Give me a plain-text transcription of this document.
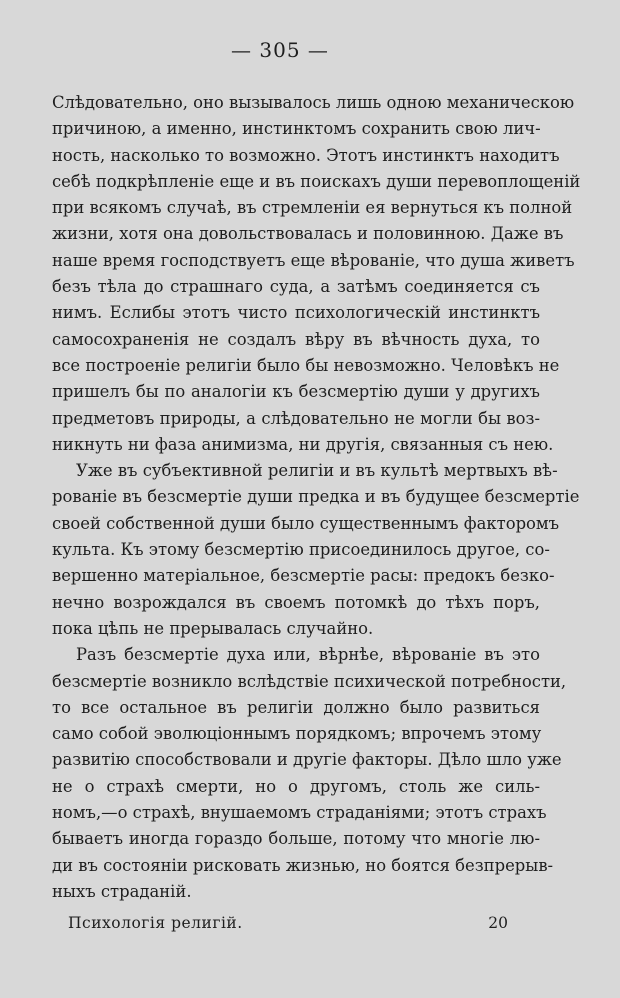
— 305 —
Слѣдовательно, оно вызывалось лишь одною механическою
причиною, а именно, инстинктомъ сохранить свою лич-
ность, насколько то возможно. Этотъ инстинктъ находитъ
себѣ подкрѣпленіе еще и въ поискахъ души перевоплощеній
при всякомъ случаѣ, въ стремленіи ея вернуться къ полной
жизни, хотя она довольствовалась и половинною. Даже въ
наше время господствуетъ еще вѣрованіе, что душа живетъ
безъ тѣла до страшнаго суда, а затѣмъ соединяется съ
нимъ. Еслибы этотъ чисто психологическій инстинктъ
самосохраненія не создалъ вѣру въ вѣчность духа, то
все построеніе религіи было бы невозможно. Человѣкъ не
пришелъ бы по аналогіи къ безсмертію души у другихъ
предметовъ природы, а слѣдовательно не могли бы воз-
никнуть ни фаза анимизма, ни другія, связанныя съ нею.
Уже въ субъективной религіи и въ культѣ мертвыхъ вѣ-
рованіе въ безсмертіе души предка и въ будущее безсмертіе
своей собственной души было существеннымъ факторомъ
культа. Къ этому безсмертію присоединилось другое, со-
вершенно матеріальное, безсмертіе расы: предокъ безко-
нечно возрождался въ своемъ потомкѣ до тѣхъ поръ,
пока цѣпь не прерывалась случайно.
Разъ безсмертіе духа или, вѣрнѣе, вѣрованіе въ это
безсмертіе возникло вслѣдствіе психической потребности,
то все остальное въ религіи должно было развиться
само собой эволюціоннымъ порядкомъ; впрочемъ этому
развитію способствовали и другіе факторы. Дѣло шло уже
не о страхѣ смерти, но о другомъ, столь же силь-
номъ,—о страхѣ, внушаемомъ страданіями; этотъ страхъ
бываетъ иногда гораздо больше, потому что многіе лю-
ди въ состояніи рисковать жизнью, но боятся безпрерыв-
ныхъ страданій.
Психологія религій.	20
